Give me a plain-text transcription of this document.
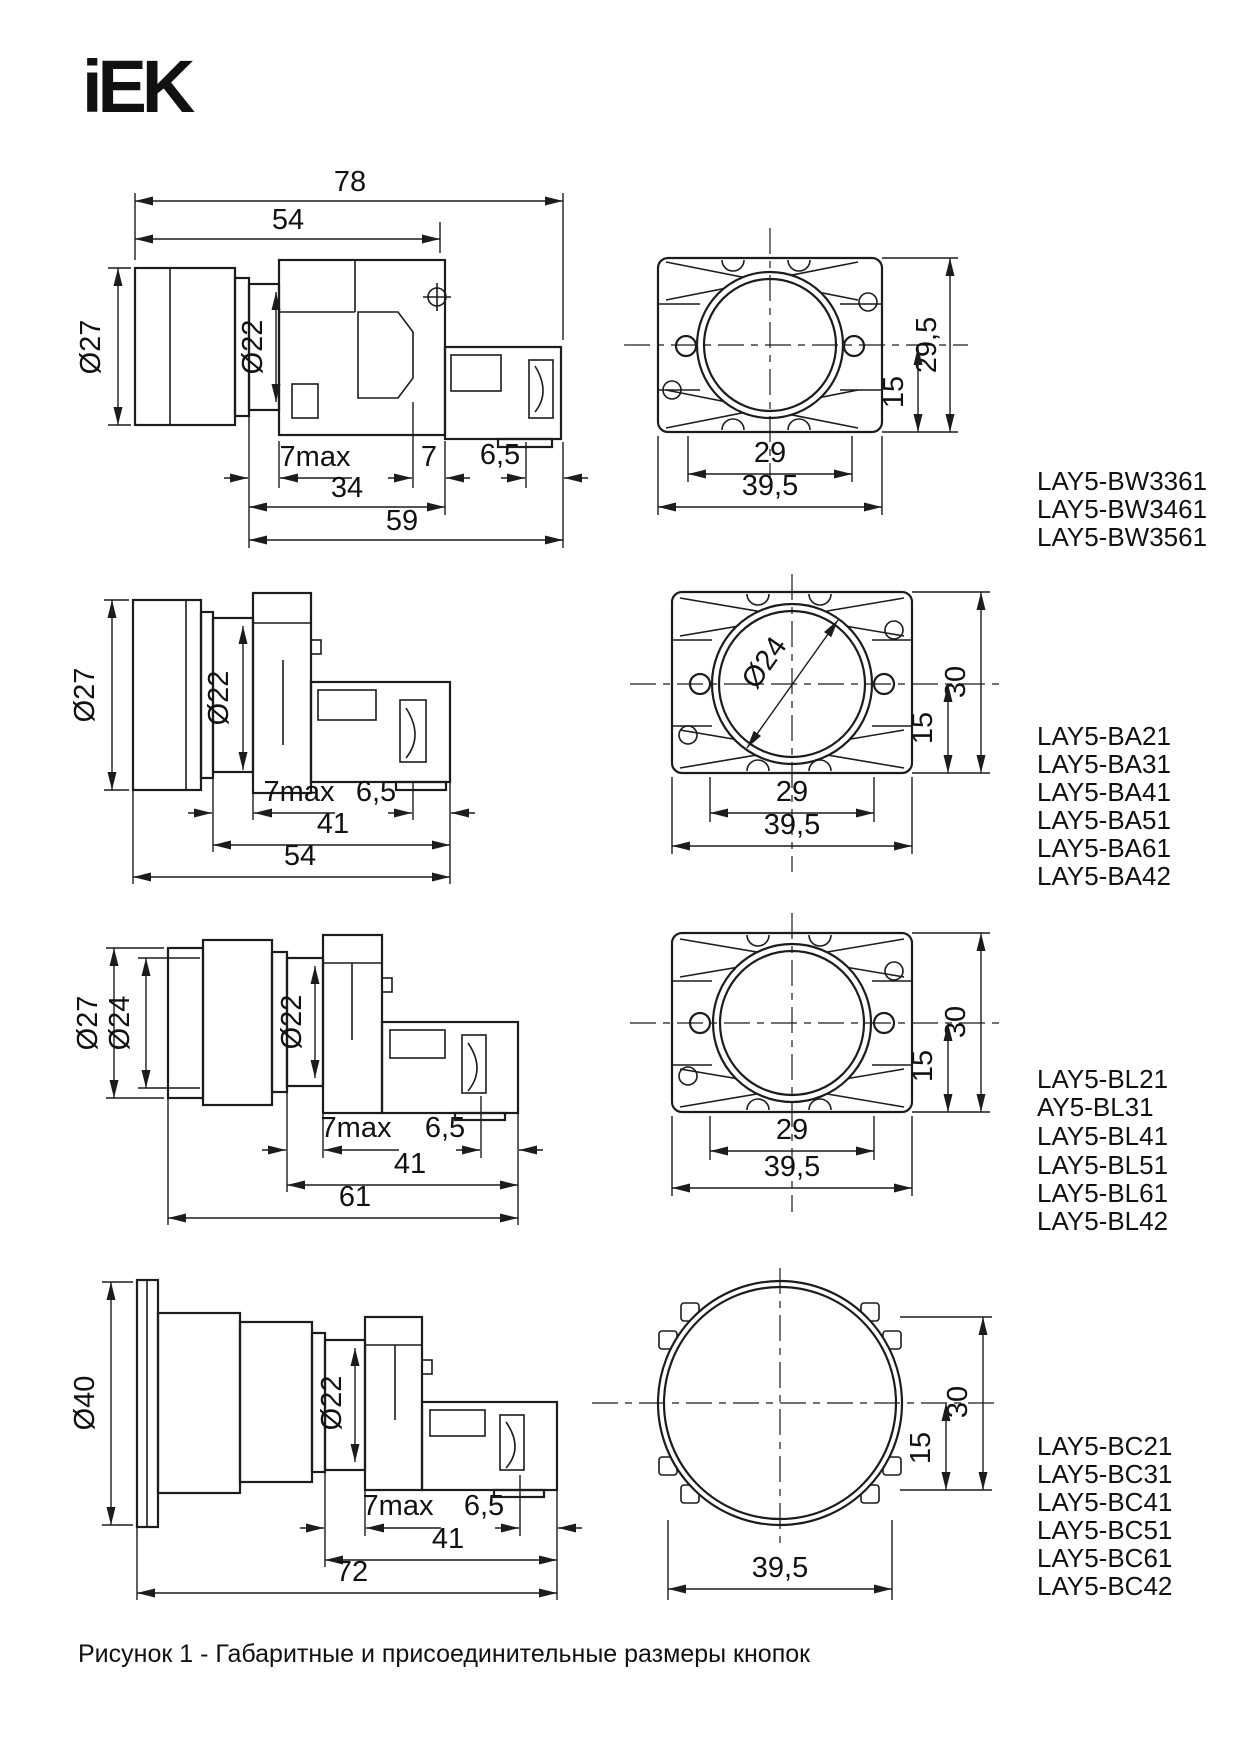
iEK
78
54
Ø27	Ø22
7max 7 6,5
34
59
29,5
15
29
39,5	LAY5-BW3361
LAY5-BW3461
LAY5-BW3561
Ø27	Ø22
7max 6,5
41
54
Ø24	30
15
29
39,5
LAY5-BA21
LAY5-BA31
LAY5-BA41
LAY5-BA51
LAY5-BA61
LAY5-BA42
Ø27 Ø24	Ø22
7max 6,5
41
61
30
15
29
39,5
LAY5-BL21
AY5-BL31
LAY5-BL41
LAY5-BL51
LAY5-BL61
LAY5-BL42
Ø40	Ø22
7max 6,5
41
72
30
15
39,5
LAY5-BC21
LAY5-BC31
LAY5-BC41
LAY5-BC51
LAY5-BC61
LAY5-BC42
Рисунок 1 - Габаритные и присоединительные размеры кнопок
